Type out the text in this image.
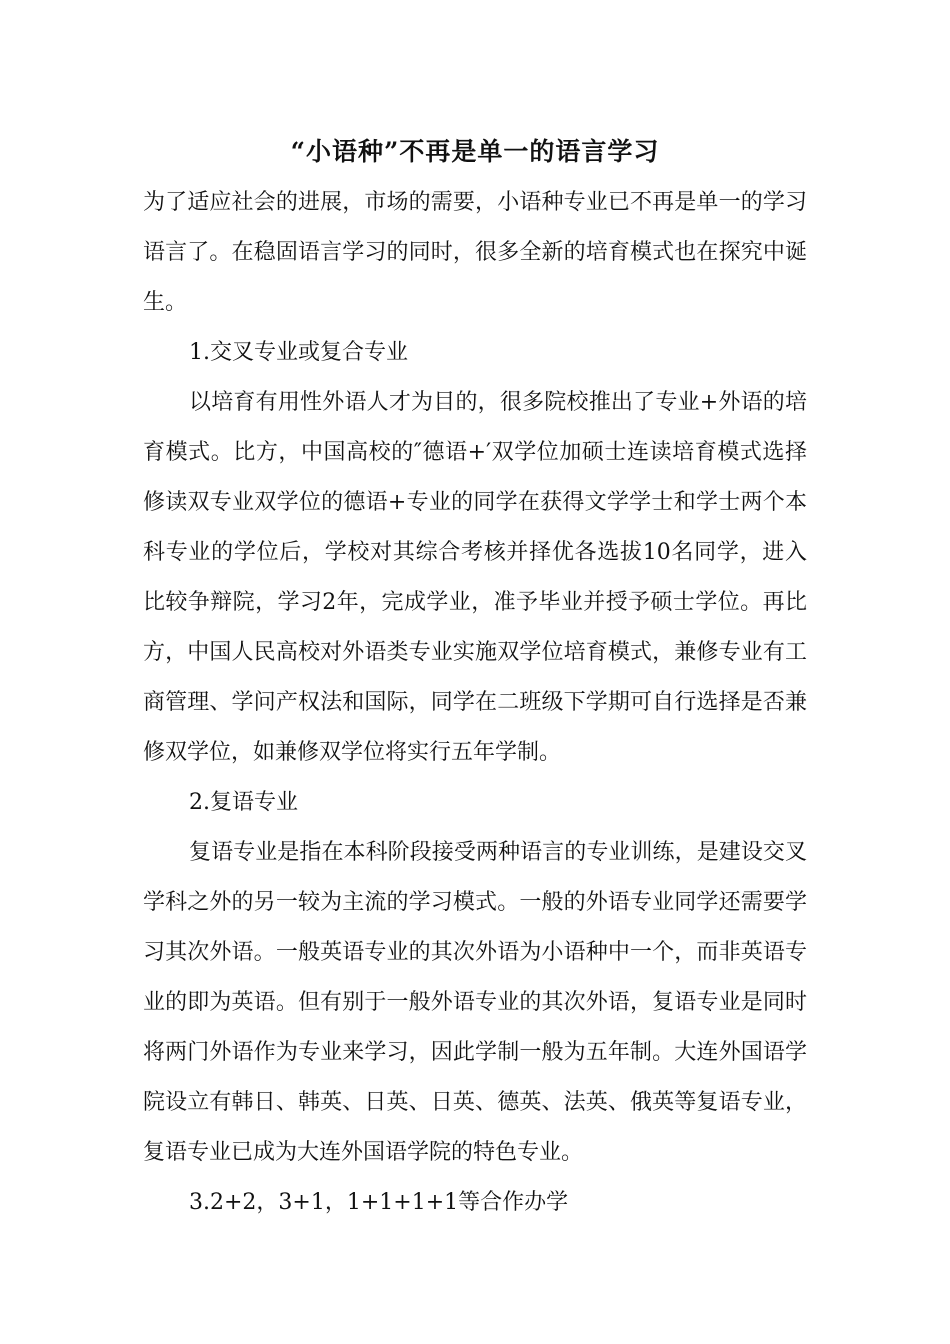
“小语种”不再是单一的语言学习

为了适应社会的进展，市场的需要，小语种专业已不再是单一的学习语言了。在稳固语言学习的同时，很多全新的培育模式也在探究中诞生。

1.交叉专业或复合专业

以培育有用性外语人才为目的，很多院校推出了专业+外语的培育模式。比方，中国高校的″德语+′双学位加硕士连读培育模式选择修读双专业双学位的德语+专业的同学在获得文学学士和学士两个本科专业的学位后，学校对其综合考核并择优各选拔10名同学，进入比较争辩院，学习2年，完成学业，准予毕业并授予硕士学位。再比方，中国人民高校对外语类专业实施双学位培育模式，兼修专业有工商管理、学问产权法和国际，同学在二班级下学期可自行选择是否兼修双学位，如兼修双学位将实行五年学制。

2.复语专业

复语专业是指在本科阶段接受两种语言的专业训练，是建设交叉学科之外的另一较为主流的学习模式。一般的外语专业同学还需要学习其次外语。一般英语专业的其次外语为小语种中一个，而非英语专业的即为英语。但有别于一般外语专业的其次外语，复语专业是同时将两门外语作为专业来学习，因此学制一般为五年制。大连外国语学院设立有韩日、韩英、日英、日英、德英、法英、俄英等复语专业，复语专业已成为大连外国语学院的特色专业。

3.2+2，3+1，1+1+1+1等合作办学
